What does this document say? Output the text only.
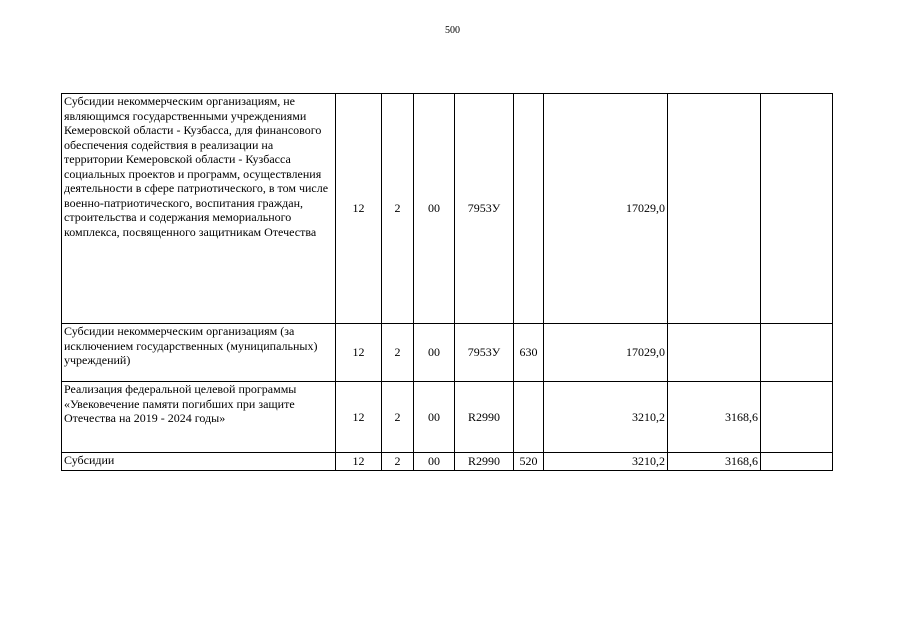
500
Субсидии некоммерческим организациям, не являющимся государственными учреждениями Кемеровской области - Кузбасса, для финансового обеспечения содействия в реализации на территории Кемеровской области - Кузбасса социальных проектов и программ, осуществления деятельности в сфере патриотического, в том числе военно-патриотического, воспитания граждан, строительства и содержания мемориального комплекса, посвященного защитникам Отечества	12	2	00	7953У		17029,0		
Субсидии некоммерческим организациям (за исключением государственных (муниципальных) учреждений)	12	2	00	7953У	630	17029,0		
Реализация федеральной целевой программы «Увековечение памяти погибших при защите Отечества на 2019 - 2024 годы»	12	2	00	R2990		3210,2	3168,6	
Субсидии	12	2	00	R2990	520	3210,2	3168,6	
